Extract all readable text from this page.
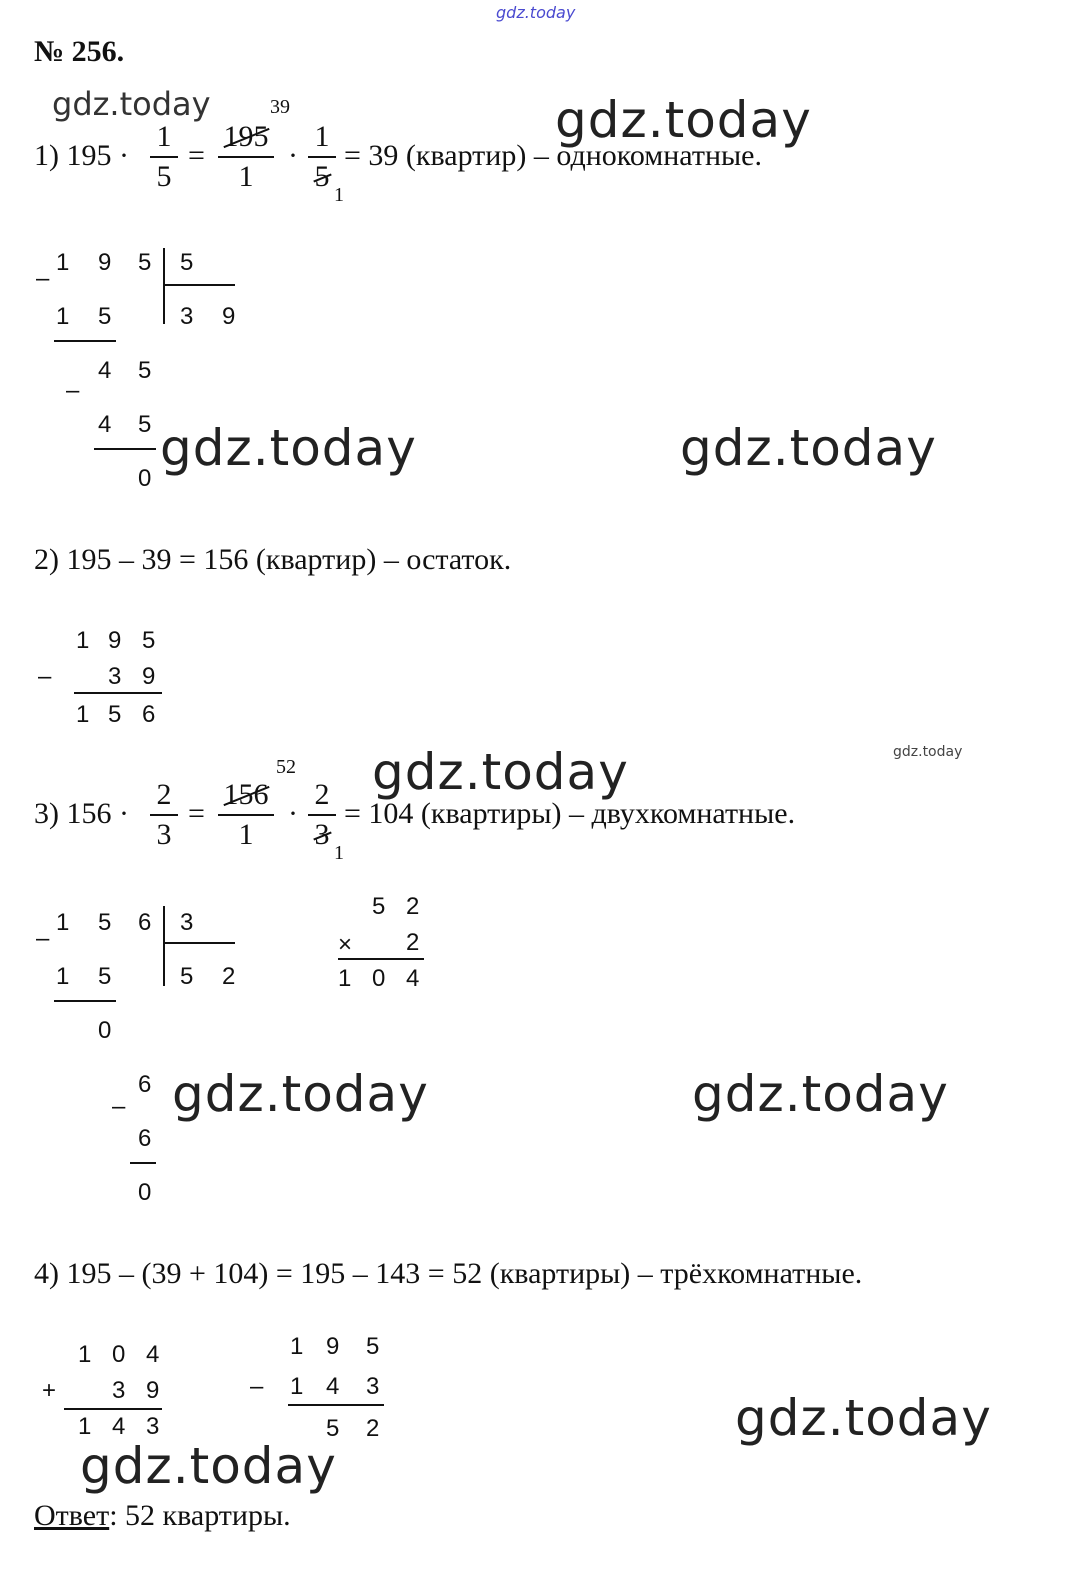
gdz.today
№ 256.
gdz.today	gdz.today
gdz.today	gdz.today
gdz.today	gdz.today
gdz.today	gdz.today
gdz.today
gdz.today
1) 195 ·
1
5
=
195
1
39
·
1
5
1
= 39 (квартир) – однокомнатные.
–
1 9 5 5
3 9
1 5
–
4 5
4 5
0
2) 195 – 39 = 156 (квартир) – остаток.
1 9 5
– 3 9
1 5 6
3) 156 ·
2
3
=
156
1
52
·
2
3
1
= 104 (квартиры) – двухкомнатные.
–
1 5 6 3
5 2
1 5
0
–
6
6
0
5 2
× 2
1 0 4
4) 195 – (39 + 104) = 195 – 143 = 52 (квартиры) – трёхкомнатные.
1 0 4
+ 3 9
1 4 3
1 9 5
– 1 4 3
5 2
Ответ: 52 квартиры.
